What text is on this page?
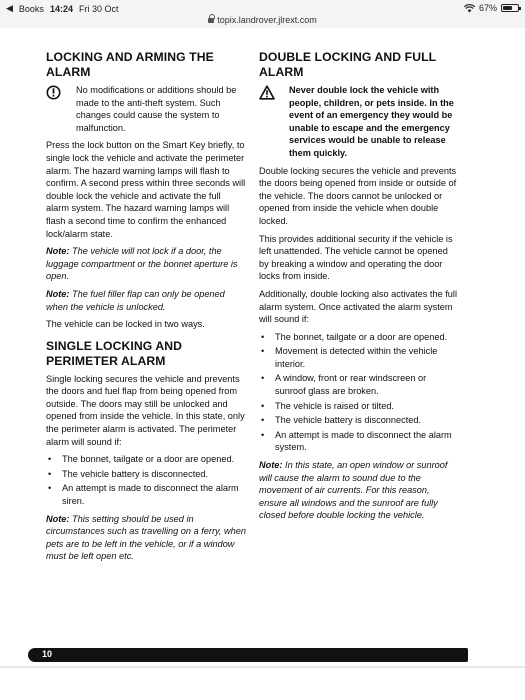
◀ Books 14:24 Fri 30 Oct	67%
topix.landrover.jlrext.com
LOCKING AND ARMING THE ALARM
No modifications or additions should be made to the anti-theft system. Such changes could cause the system to malfunction.

Press the lock button on the Smart Key briefly, to single lock the vehicle and activate the perimeter alarm. The hazard warning lamps will flash to confirm. A second press within three seconds will double lock the vehicle and activate the full alarm system. The hazard warning lamps will flash a second time to confirm the enhanced lock/alarm state.

Note: The vehicle will not lock if a door, the luggage compartment or the bonnet aperture is open.

Note: The fuel filler flap can only be opened when the vehicle is unlocked.

The vehicle can be locked in two ways.

SINGLE LOCKING AND PERIMETER ALARM

Single locking secures the vehicle and prevents the doors and fuel flap from being opened from outside. The doors may still be unlocked and opened from inside the vehicle. In this state, only the perimeter alarm is activated. The perimeter alarm will sound if:

• The bonnet, tailgate or a door are opened.
• The vehicle battery is disconnected.
• An attempt is made to disconnect the alarm siren.

Note: This setting should be used in circumstances such as travelling on a ferry, when pets are to be left in the vehicle, or if a window must be left open etc.

DOUBLE LOCKING AND FULL ALARM
Never double lock the vehicle with people, children, or pets inside. In the event of an emergency they would be unable to escape and the emergency services would be unable to release them quickly.

Double locking secures the vehicle and prevents the doors being opened from inside or outside of the vehicle. The doors cannot be unlocked or opened from inside the vehicle when double locked.

This provides additional security if the vehicle is left unattended. The vehicle cannot be opened by breaking a window and operating the door locks from inside.

Additionally, double locking also activates the full alarm system. Once activated the alarm system will sound if:

• The bonnet, tailgate or a door are opened.
• Movement is detected within the vehicle interior.
• A window, front or rear windscreen or sunroof glass are broken.
• The vehicle is raised or tilted.
• The vehicle battery is disconnected.
• An attempt is made to disconnect the alarm system.

Note: In this state, an open window or sunroof will cause the alarm to sound due to the movement of air currents. For this reason, ensure all windows and the sunroof are fully closed before double locking the vehicle.

10
